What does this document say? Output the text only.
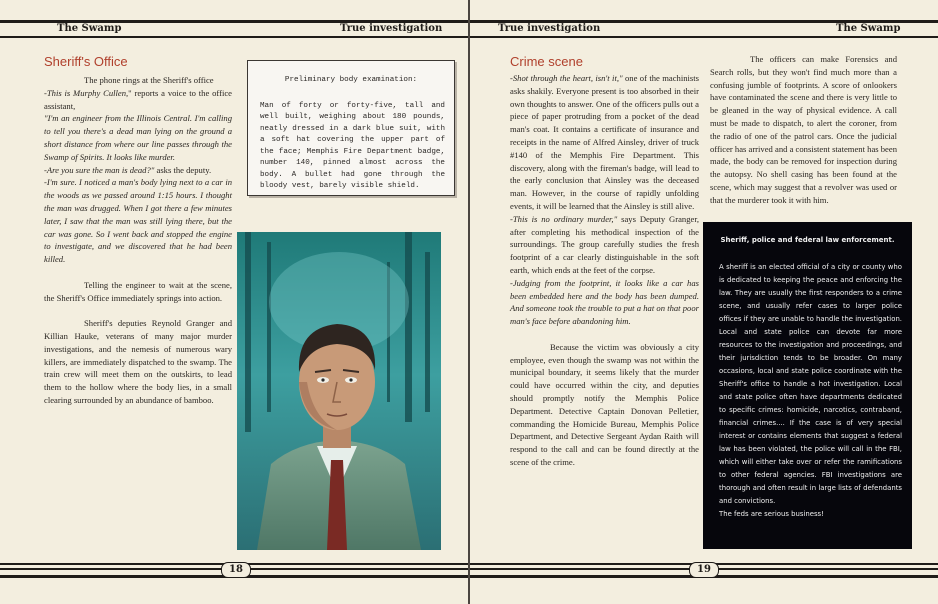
The Swamp	True investigation
Sheriff's Office

The phone rings at the Sheriff's office

-This is Murphy Cullen," reports a voice to the office assistant,

"I'm an engineer from the Illinois Central. I'm calling to tell you there's a dead man lying on the ground a short distance from where our line passes through the Swamp of Spirits. It looks like murder.

-Are you sure the man is dead?" asks the deputy.

-I'm sure. I noticed a man's body lying next to a car in the woods as we passed around 1:15 hours. I thought the man was drugged. When I got there a few minutes later, I saw that the man was still lying there, but the car was gone. So I went back and stopped the engine to investigate, and we discovered that he had been killed.

Telling the engineer to wait at the scene, the Sheriff's Office immediately springs into action.

Sheriff's deputies Reynold Granger and Killian Hauke, veterans of many major murder investigations, and the nemesis of numerous wary killers, are immediately dispatched to the swamp. The train crew will meet them on the outskirts, to lead them to the hollow where the body lies, in a small clearing surrounded by an abundance of bamboo.

Preliminary body examination:
Man of forty or forty-five, tall and well built, weighing about 180 pounds, neatly dressed in a dark blue suit, with a soft hat covering the upper part of the face; Memphis Fire Department badge, number 140, pinned almost across the body. A bullet had gone through the bloody vest, barely visible shield.
18
True investigation	The Swamp
Crime scene

-Shot through the heart, isn't it," one of the machinists asks shakily. Everyone present is too absorbed in their own thoughts to answer. One of the officers pulls out a piece of paper protruding from a pocket of the dead man's coat. It contains a certificate of insurance and receipts in the name of Alfred Ainsley, driver of truck #140 of the Memphis Fire Department. This discovery, along with the fireman's badge, will lead to the early conclusion that Ainsley was the deceased man. However, in the course of rapidly unfolding events, it will be learned that the Ainsley is still alive.

-This is no ordinary murder," says Deputy Granger, after completing his methodical inspection of the surroundings. The group carefully studies the fresh footprint of a car clearly distinguishable in the soft earth, which ends at the feet of the corpse.

-Judging from the footprint, it looks like a car has been embedded here and the body has been dumped. And someone took the trouble to put a hat on that poor man's face before abandoning him.

Because the victim was obviously a city employee, even though the swamp was not within the municipal boundary, it seems likely that the murder could have occurred within the city, and deputies should promptly notify the Memphis Police Department. Detective Captain Donovan Pelletier, commanding the Homicide Bureau, Memphis Police Department, and Detective Sergeant Aydan Raith will respond to the call and can be found directly at the scene of the crime.

The officers can make Forensics and Search rolls, but they won't find much more than a confusing jumble of footprints. A score of onlookers have contaminated the scene and there is very little to be gleaned in the way of physical evidence. A call must be made to dispatch, to alert the coroner, from the radio of one of the patrol cars. Once the judicial officer has arrived and a consistent statement has been made, the body can be removed for inspection during the autopsy. No shell casing has been found at the scene, which may suggest that a revolver was used or that the murderer took it with him.

19
Sheriff, police and federal law enforcement.
A sheriff is an elected official of a city or county who is dedicated to keeping the peace and enforcing the law. They are usually the first responders to a crime scene, and usually refer cases to larger police offices if they are unable to handle the investigation. Local and state police can devote far more resources to the investigation and proceedings, and their jurisdiction tends to be broader. On many occasions, local and state police coordinate with the Sheriff's office to handle a hot investigation. Local and state police often have departments dedicated to specific crimes: homicide, narcotics, contraband, financial crimes.... If the case is of very special interest or contains elements that suggest a federal law has been violated, the police will call in the FBI, which will either take over or refer the ramifications to other federal agencies. FBI investigations are thorough and often result in large lists of defendants and convictions.
The feds are serious business!
